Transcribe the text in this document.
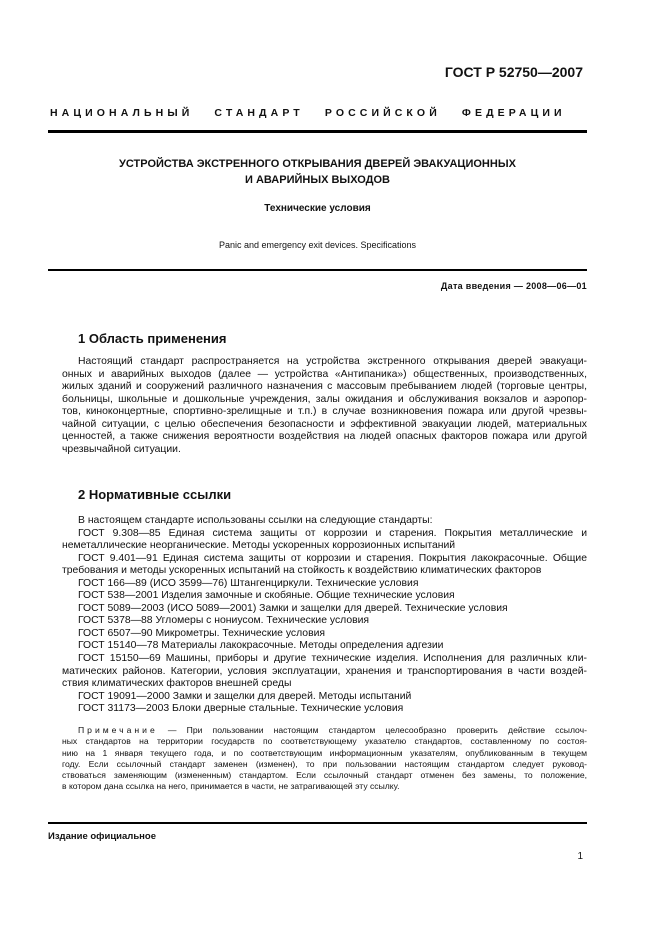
ГОСТ Р 52750—2007
НАЦИОНАЛЬНЫЙ   СТАНДАРТ   РОССИЙСКОЙ   ФЕДЕРАЦИИ
УСТРОЙСТВА ЭКСТРЕННОГО ОТКРЫВАНИЯ ДВЕРЕЙ ЭВАКУАЦИОННЫХ
И АВАРИЙНЫХ ВЫХОДОВ
Технические условия
Panic and emergency exit devices. Specifications
Дата введения — 2008—06—01
1 Область применения
Настоящий стандарт распространяется на устройства экстренного открывания дверей эвакуаци-
онных и аварийных выходов (далее — устройства «Антипаника») общественных, производственных,
жилых зданий и сооружений различного назначения с массовым пребыванием людей (торговые центры,
больницы, школьные и дошкольные учреждения, залы ожидания и обслуживания вокзалов и аэропор-
тов, киноконцертные, спортивно-зрелищные и т.п.) в случае возникновения пожара или другой чрезвы-
чайной ситуации, с целью обеспечения безопасности и эффективной эвакуации людей, материальных
ценностей, а также снижения вероятности воздействия на людей опасных факторов пожара или другой
чрезвычайной ситуации.
2 Нормативные ссылки
В настоящем стандарте использованы ссылки на следующие стандарты:
ГОСТ 9.308—85 Единая система защиты от коррозии и старения. Покрытия металлические и
неметаллические неорганические. Методы ускоренных коррозионных испытаний
ГОСТ 9.401—91 Единая система защиты от коррозии и старения. Покрытия лакокрасочные. Общие
требования и методы ускоренных испытаний на стойкость к воздействию климатических факторов
ГОСТ 166—89 (ИСО 3599—76) Штангенциркули. Технические условия
ГОСТ 538—2001 Изделия замочные и скобяные. Общие технические условия
ГОСТ 5089—2003 (ИСО 5089—2001) Замки и защелки для дверей. Технические условия
ГОСТ 5378—88 Угломеры с нониусом. Технические условия
ГОСТ 6507—90 Микрометры. Технические условия
ГОСТ 15140—78 Материалы лакокрасочные. Методы определения адгезии
ГОСТ 15150—69 Машины, приборы и другие технические изделия. Исполнения для различных кли-
матических районов. Категории, условия эксплуатации, хранения и транспортирования в части воздей-
ствия климатических факторов внешней среды
ГОСТ 19091—2000 Замки и защелки для дверей. Методы испытаний
ГОСТ 31173—2003 Блоки дверные стальные. Технические условия
Примечание — При пользовании настоящим стандартом целесообразно проверить действие ссылоч-
ных стандартов на территории государств по соответствующему указателю стандартов, составленному по состоя-
нию на 1 января текущего года, и по соответствующим информационным указателям, опубликованным в текущем
году. Если ссылочный стандарт заменен (изменен), то при пользовании настоящим стандартом следует руковод-
ствоваться заменяющим (измененным) стандартом. Если ссылочный стандарт отменен без замены, то положение,
в котором дана ссылка на него, принимается в части, не затрагивающей эту ссылку.
Издание официальное
1
